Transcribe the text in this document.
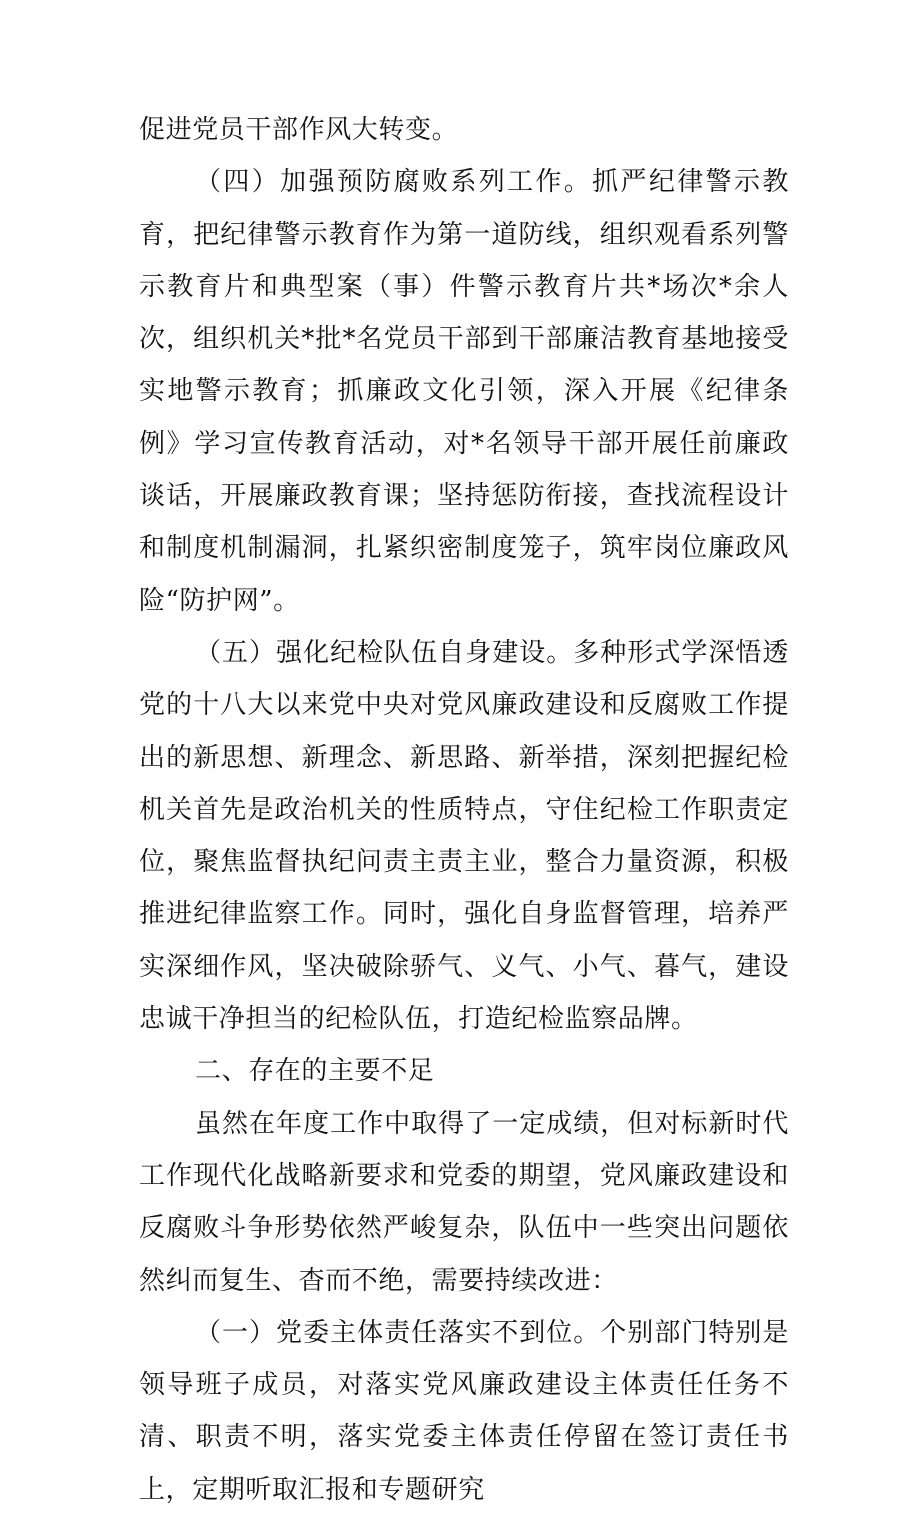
促进党员干部作风大转变。

（四）加强预防腐败系列工作。抓严纪律警示教育，把纪律警示教育作为第一道防线，组织观看系列警示教育片和典型案（事）件警示教育片共*场次*余人次，组织机关*批*名党员干部到干部廉洁教育基地接受实地警示教育；抓廉政文化引领，深入开展《纪律条例》学习宣传教育活动，对*名领导干部开展任前廉政谈话，开展廉政教育课；坚持惩防衔接，查找流程设计和制度机制漏洞，扎紧织密制度笼子，筑牢岗位廉政风险“防护网”。

（五）强化纪检队伍自身建设。多种形式学深悟透党的十八大以来党中央对党风廉政建设和反腐败工作提出的新思想、新理念、新思路、新举措，深刻把握纪检机关首先是政治机关的性质特点，守住纪检工作职责定位，聚焦监督执纪问责主责主业，整合力量资源，积极推进纪律监察工作。同时，强化自身监督管理，培养严实深细作风，坚决破除骄气、义气、小气、暮气，建设忠诚干净担当的纪检队伍，打造纪检监察品牌。

二、存在的主要不足

虽然在年度工作中取得了一定成绩，但对标新时代工作现代化战略新要求和党委的期望，党风廉政建设和反腐败斗争形势依然严峻复杂，队伍中一些突出问题依然纠而复生、杳而不绝，需要持续改进：

（一）党委主体责任落实不到位。个别部门特别是领导班子成员，对落实党风廉政建设主体责任任务不清、职责不明，落实党委主体责任停留在签订责任书上，定期听取汇报和专题研究
